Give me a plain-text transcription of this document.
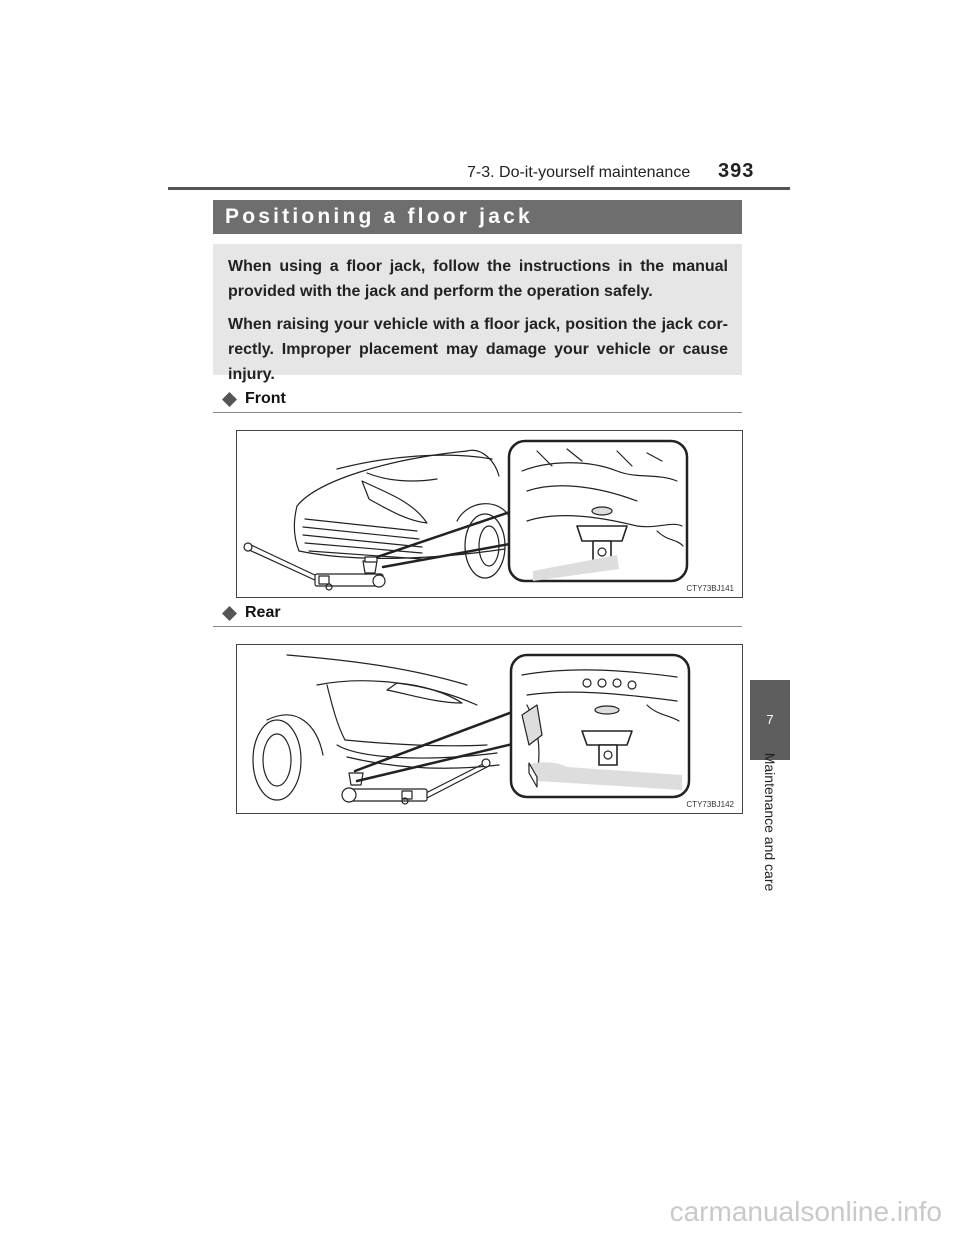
7-3. Do-it-yourself maintenance 393
Positioning a floor jack

When using a floor jack, follow the instructions in the manual provided with the jack and perform the operation safely.

When raising your vehicle with a floor jack, position the jack cor-rectly. Improper placement may damage your vehicle or cause injury.

Front
CTY73BJ141
Rear
CTY73BJ142
7
Maintenance and care
carmanualsonline.info
